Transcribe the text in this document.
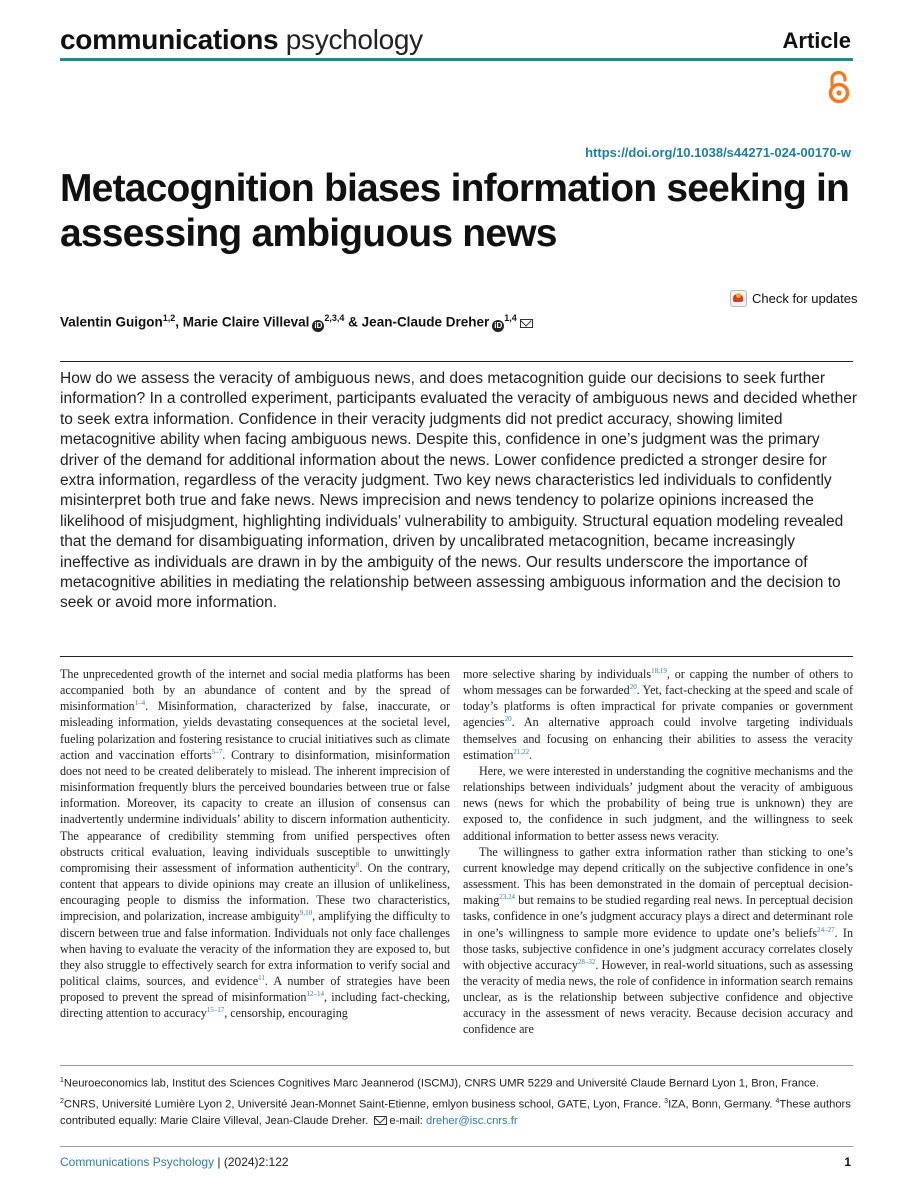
communications psychology	Article
https://doi.org/10.1038/s44271-024-00170-w
Metacognition biases information seeking in assessing ambiguous news
Check for updates
Valentin Guigon$^{1,2}$, Marie Claire Villeval iD$^{2,3,4}$ & Jean-Claude Dreher iD$^{1,4}$

How do we assess the veracity of ambiguous news, and does metacognition guide our decisions to seek further information? In a controlled experiment, participants evaluated the veracity of ambiguous news and decided whether to seek extra information. Confidence in their veracity judgments did not predict accuracy, showing limited metacognitive ability when facing ambiguous news. Despite this, confidence in one’s judgment was the primary driver of the demand for additional information about the news. Lower confidence predicted a stronger desire for extra information, regardless of the veracity judgment. Two key news characteristics led individuals to confidently misinterpret both true and fake news. News imprecision and news tendency to polarize opinions increased the likelihood of misjudgment, highlighting individuals’ vulnerability to ambiguity. Structural equation modeling revealed that the demand for disambiguating information, driven by uncalibrated metacognition, became increasingly ineffective as individuals are drawn in by the ambiguity of the news. Our results underscore the importance of metacognitive abilities in mediating the relationship between assessing ambiguous information and the decision to seek or avoid more information.

The unprecedented growth of the internet and social media platforms has been accompanied both by an abundance of content and by the spread of misinformation$^{1-4}$. Misinformation, characterized by false, inaccurate, or misleading information, yields devastating consequences at the societal level, fueling polarization and fostering resistance to crucial initiatives such as climate action and vaccination efforts$^{5-7}$. Contrary to disinformation, misinformation does not need to be created deliberately to mislead. The inherent imprecision of misinformation frequently blurs the perceived boundaries between true or false information. Moreover, its capacity to create an illusion of consensus can inadvertently undermine individuals’ ability to discern information authenticity. The appearance of credibility stemming from unified perspectives often obstructs critical evaluation, leaving individuals susceptible to unwittingly compromising their assessment of information authenticity$^8$. On the contrary, content that appears to divide opinions may create an illusion of unlikeliness, encouraging people to dismiss the information. These two characteristics, imprecision, and polarization, increase ambiguity$^{9,10}$, amplifying the difficulty to discern between true and false information. Individuals not only face challenges when having to evaluate the veracity of the information they are exposed to, but they also struggle to effectively search for extra information to verify social and political claims, sources, and evidence$^{11}$. A number of strategies have been proposed to prevent the spread of misinformation$^{12-14}$, including fact-checking, directing attention to accuracy$^{15-17}$, censorship, encouraging

more selective sharing by individuals$^{18,19}$, or capping the number of others to whom messages can be forwarded$^{20}$. Yet, fact-checking at the speed and scale of today’s platforms is often impractical for private companies or government agencies$^{20}$. An alternative approach could involve targeting individuals themselves and focusing on enhancing their abilities to assess the veracity estimation$^{21,22}$.

Here, we were interested in understanding the cognitive mechanisms and the relationships between individuals’ judgment about the veracity of ambiguous news (news for which the probability of being true is unknown) they are exposed to, the confidence in such judgment, and the willingness to seek additional information to better assess news veracity.

The willingness to gather extra information rather than sticking to one’s current knowledge may depend critically on the subjective confidence in one’s assessment. This has been demonstrated in the domain of perceptual decision-making$^{23,24}$ but remains to be studied regarding real news. In perceptual decision tasks, confidence in one’s judgment accuracy plays a direct and determinant role in one’s willingness to sample more evidence to update one’s beliefs$^{24-27}$. In those tasks, subjective confidence in one’s judgment accuracy correlates closely with objective accuracy$^{28-32}$. However, in real-world situations, such as assessing the veracity of media news, the role of confidence in information search remains unclear, as is the relationship between subjective confidence and objective accuracy in the assessment of news veracity. Because decision accuracy and confidence are

$^1$Neuroeconomics lab, Institut des Sciences Cognitives Marc Jeannerod (ISCMJ), CNRS UMR 5229 and Université Claude Bernard Lyon 1, Bron, France. $^2$CNRS, Université Lumière Lyon 2, Université Jean-Monnet Saint-Etienne, emlyon business school, GATE, Lyon, France. $^3$IZA, Bonn, Germany. $^4$These authors contributed equally: Marie Claire Villeval, Jean-Claude Dreher. e-mail: dreher@isc.cnrs.fr

Communications Psychology | (2024)2:122	1
